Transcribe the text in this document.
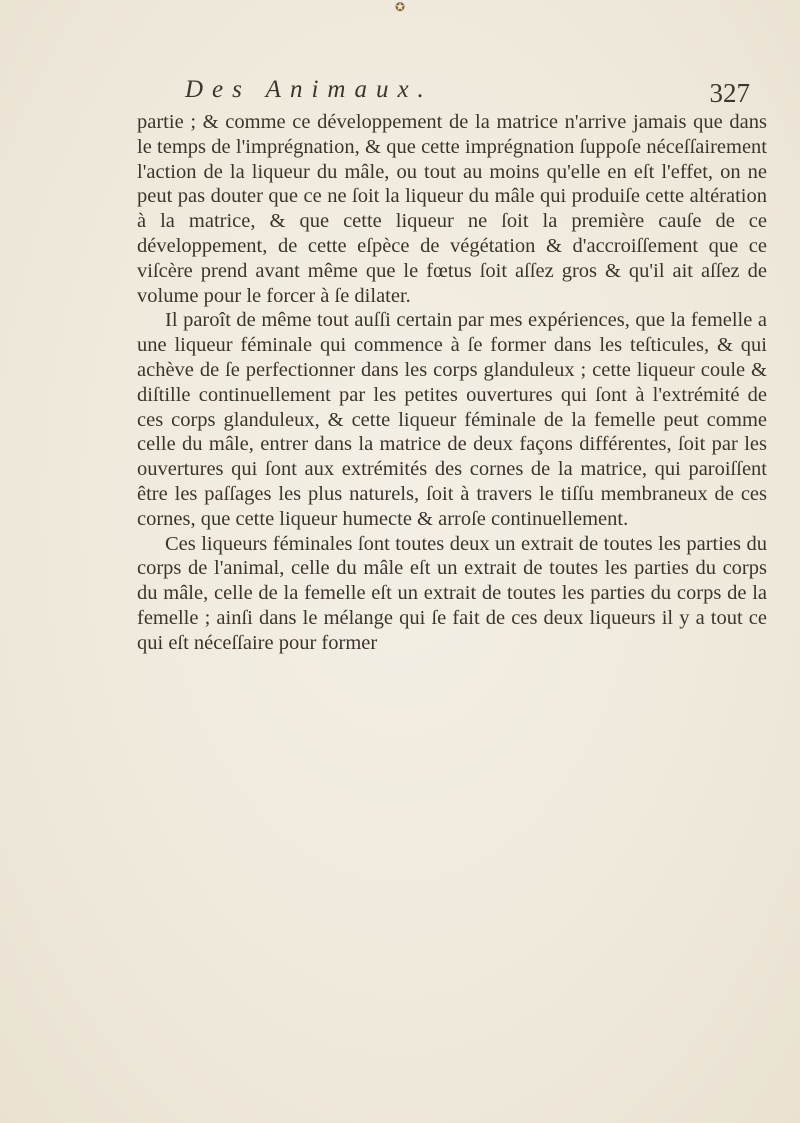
✪
Des Animaux.	327

partie ; & comme ce développement de la matrice n'arrive jamais que dans le temps de l'imprégnation, & que cette imprégnation ſuppoſe néceſſairement l'action de la liqueur du mâle, ou tout au moins qu'elle en eſt l'effet, on ne peut pas douter que ce ne ſoit la liqueur du mâle qui produiſe cette altération à la matrice, & que cette liqueur ne ſoit la première cauſe de ce développement, de cette eſpèce de végétation & d'accroiſſement que ce viſcère prend avant même que le fœtus ſoit aſſez gros & qu'il ait aſſez de volume pour le forcer à ſe dilater.

Il paroît de même tout auſſi certain par mes expériences, que la femelle a une liqueur féminale qui commence à ſe former dans les teſticules, & qui achève de ſe perfectionner dans les corps glanduleux ; cette liqueur coule & diſtille continuellement par les petites ouvertures qui ſont à l'extrémité de ces corps glanduleux, & cette liqueur féminale de la femelle peut comme celle du mâle, entrer dans la matrice de deux façons différentes, ſoit par les ouvertures qui ſont aux extrémités des cornes de la matrice, qui paroiſſent être les paſſages les plus naturels, ſoit à travers le tiſſu membraneux de ces cornes, que cette liqueur humecte & arroſe continuellement.

Ces liqueurs féminales ſont toutes deux un extrait de toutes les parties du corps de l'animal, celle du mâle eſt un extrait de toutes les parties du corps du mâle, celle de la femelle eſt un extrait de toutes les parties du corps de la femelle ; ainſi dans le mélange qui ſe fait de ces deux liqueurs il y a tout ce qui eſt néceſſaire pour former
